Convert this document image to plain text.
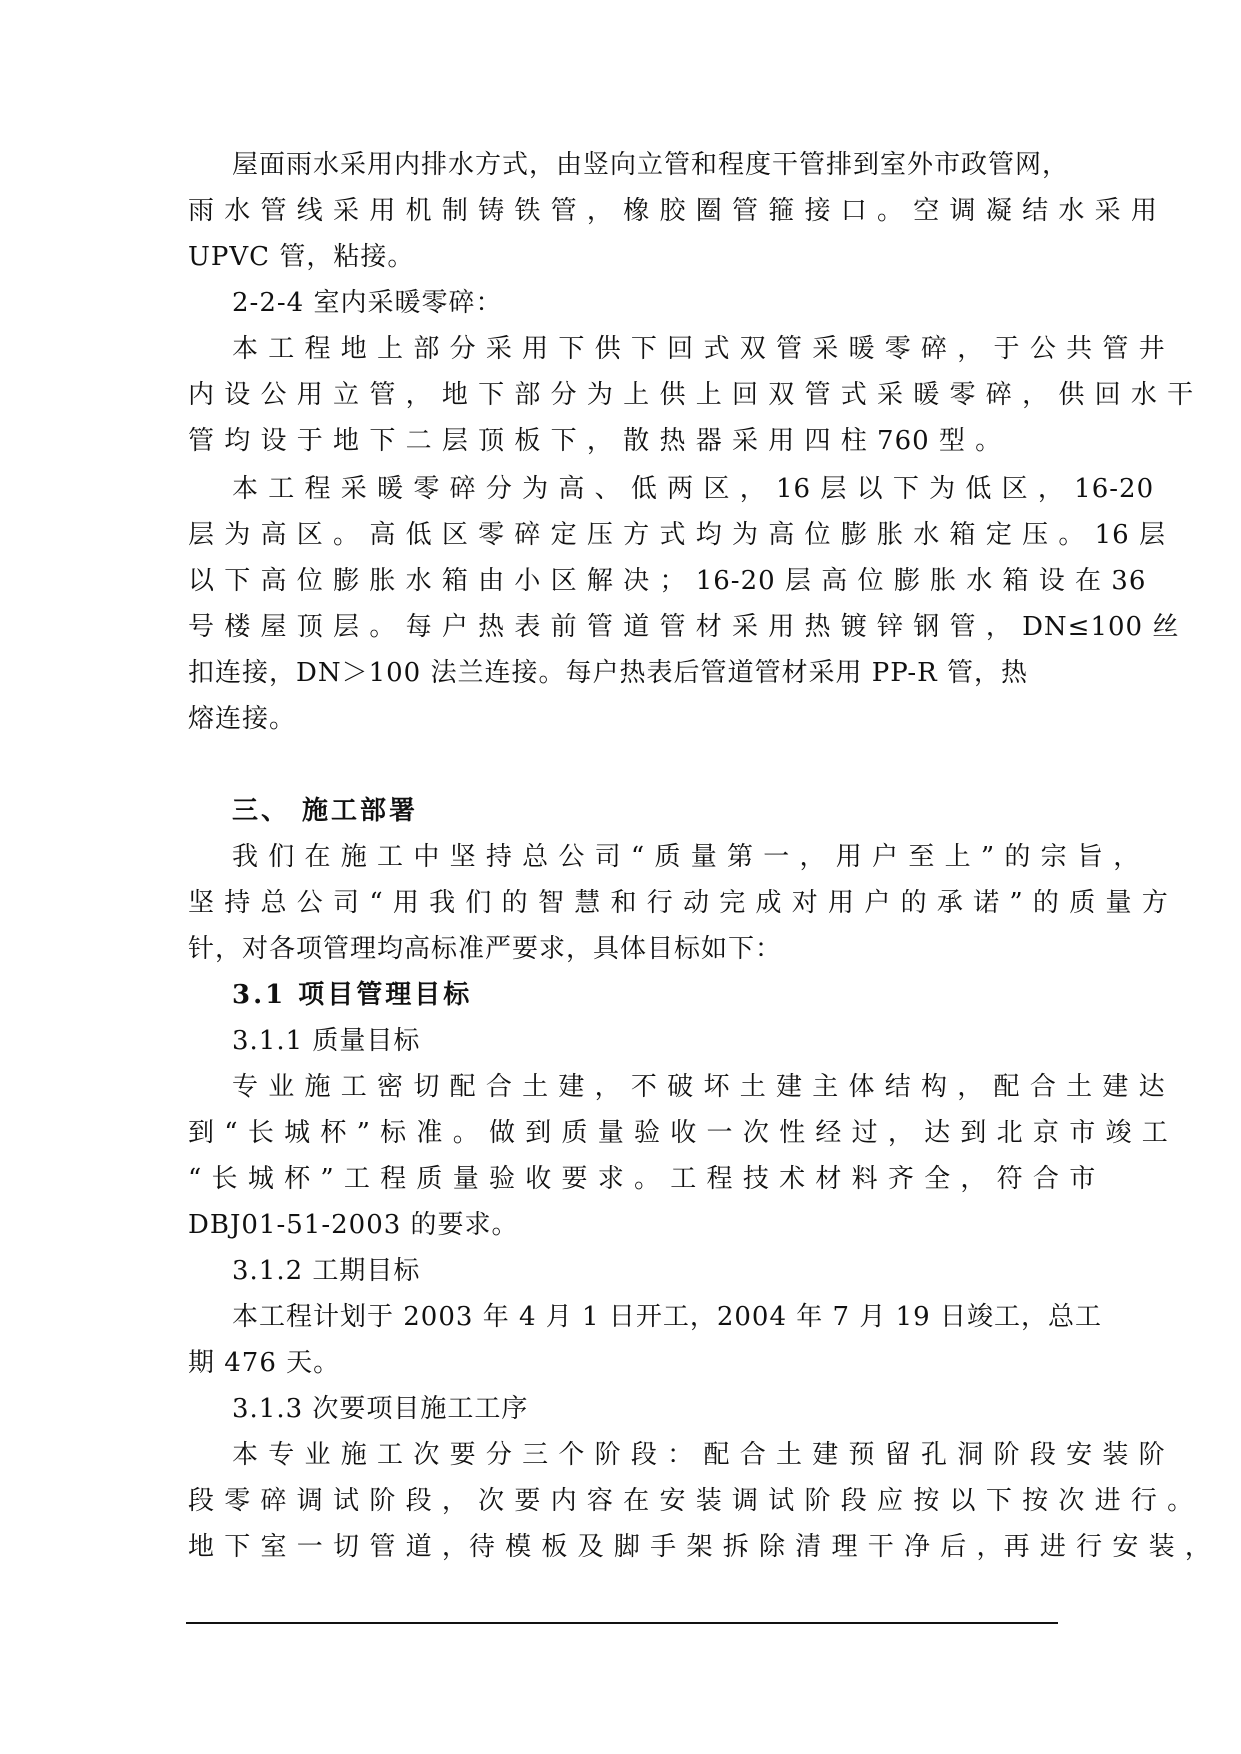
屋面雨水采用内排水方式，由竖向立管和程度干管排到室外市政管网，
雨 水 管 线 采 用 机 制 铸 铁 管 ， 橡 胶 圈 管 箍 接 口 。 空 调 凝 结 水 采 用
UPVC 管，粘接。
2-2-4 室内采暖零碎：
本 工 程 地 上 部 分 采 用 下 供 下 回 式 双 管 采 暖 零 碎 ， 于 公 共 管 井
内 设 公 用 立 管 ， 地 下 部 分 为 上 供 上 回 双 管 式 采 暖 零 碎 ， 供 回 水 干
管 均 设 于 地 下 二 层 顶 板 下 ， 散 热 器 采 用 四 柱 760 型 。
本 工 程 采 暖 零 碎 分 为 高 、 低 两 区 ， 16 层 以 下 为 低 区 ， 16-20
层 为 高 区 。 高 低 区 零 碎 定 压 方 式 均 为 高 位 膨 胀 水 箱 定 压 。 16 层
以 下 高 位 膨 胀 水 箱 由 小 区 解 决 ； 16-20 层 高 位 膨 胀 水 箱 设 在 36
号 楼 屋 顶 层 。 每 户 热 表 前 管 道 管 材 采 用 热 镀 锌 钢 管 ， DN≤100 丝
扣连接，DN＞100 法兰连接。每户热表后管道管材采用 PP-R 管，热
熔连接。
三、 施工部署
我 们 在 施 工 中 坚 持 总 公 司 “ 质 量 第 一 ， 用 户 至 上 ” 的 宗 旨 ，
坚 持 总 公 司 “ 用 我 们 的 智 慧 和 行 动 完 成 对 用 户 的 承 诺 ” 的 质 量 方
针，对各项管理均高标准严要求，具体目标如下：
3.1 项目管理目标
3.1.1 质量目标
专 业 施 工 密 切 配 合 土 建 ， 不 破 坏 土 建 主 体 结 构 ， 配 合 土 建 达
到 “ 长 城 杯 ” 标 准 。 做 到 质 量 验 收 一 次 性 经 过 ， 达 到 北 京 市 竣 工
“ 长 城 杯 ” 工 程 质 量 验 收 要 求 。 工 程 技 术 材 料 齐 全 ， 符 合 市
DBJ01-51-2003 的要求。
3.1.2 工期目标
本工程计划于 2003 年 4 月 1 日开工，2004 年 7 月 19 日竣工，总工
期 476 天。
3.1.3 次要项目施工工序
本 专 业 施 工 次 要 分 三 个 阶 段 ： 配 合 土 建 预 留 孔 洞 阶 段 安 装 阶
段 零 碎 调 试 阶 段 ， 次 要 内 容 在 安 装 调 试 阶 段 应 按 以 下 按 次 进 行 。
地 下 室 一 切 管 道 ，待 模 板 及 脚 手 架 拆 除 清 理 干 净 后 ，再 进 行 安 装 ，
